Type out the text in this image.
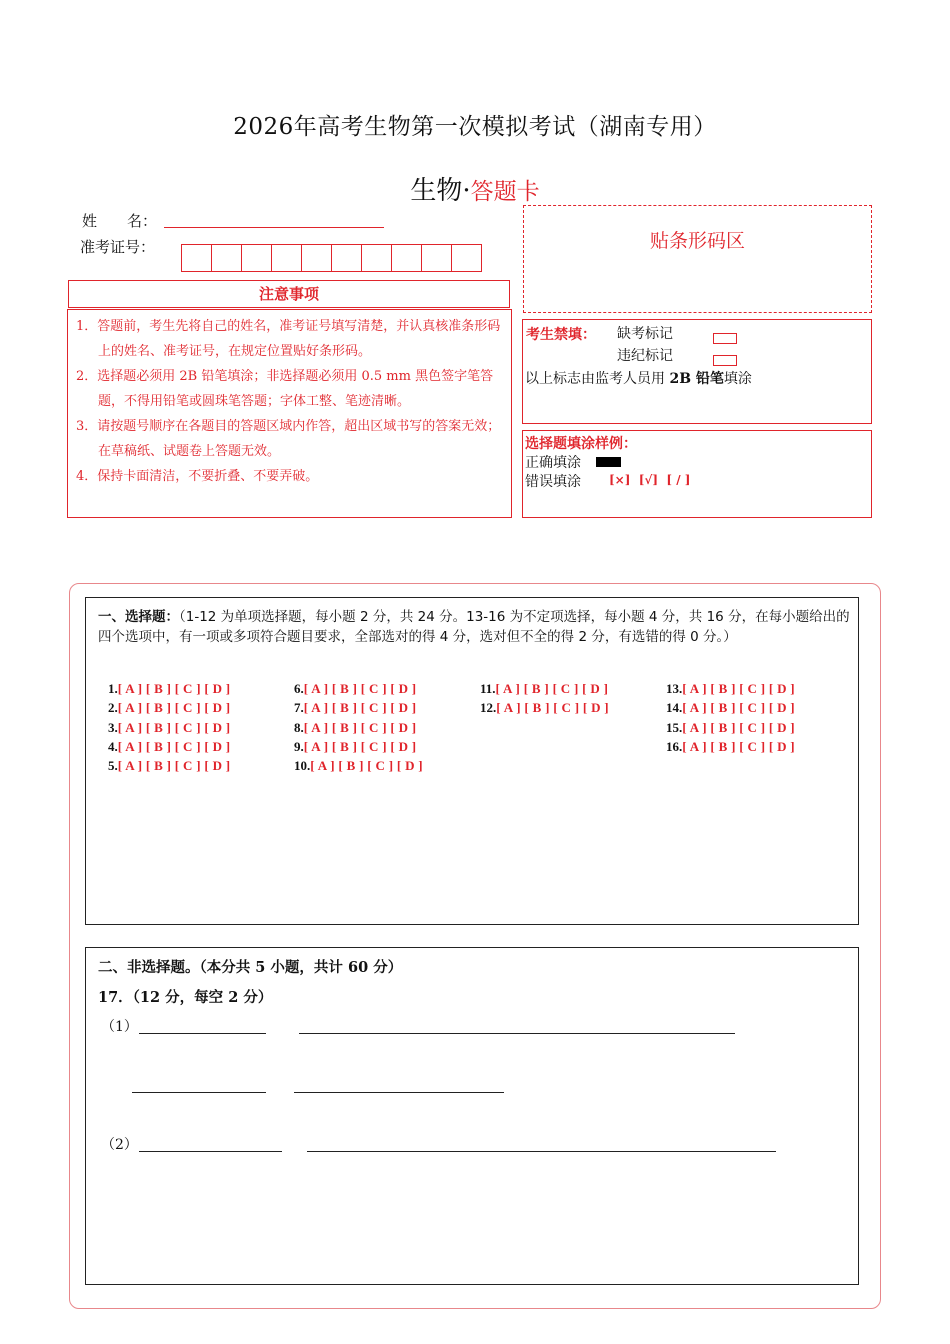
2026年高考生物第一次模拟考试（湖南专用）
生物·答题卡
姓　　名：
准考证号：
注意事项
1．答题前，考生先将自己的姓名，准考证号填写清楚，并认真核准条形码上的姓名、准考证号，在规定位置贴好条形码。
2．选择题必须用 2B 铅笔填涂；非选择题必须用 0.5 mm 黑色签字笔答题，不得用铅笔或圆珠笔答题；字体工整、笔迹清晰。
3．请按题号顺序在各题目的答题区域内作答，超出区域书写的答案无效；在草稿纸、试题卷上答题无效。
4．保持卡面清洁，不要折叠、不要弄破。
贴条形码区
考生禁填： 缺考标记
违纪标记
以上标志由监考人员用 2B 铅笔填涂
选择题填涂样例：
正确填涂
错误填涂 [×]  [√]  [ / ]
一、选择题：（1-12 为单项选择题，每小题 2 分，共 24 分。13-16 为不定项选择，每小题 4 分，共 16 分，在每小题给出的四个选项中，有一项或多项符合题目要求，全部选对的得 4 分，选对但不全的得 2 分，有选错的得 0 分。）
1.[ A ] [ B ] [ C ] [ D ]
2.[ A ] [ B ] [ C ] [ D ]
3.[ A ] [ B ] [ C ] [ D ]
4.[ A ] [ B ] [ C ] [ D ]
5.[ A ] [ B ] [ C ] [ D ]
6.[ A ] [ B ] [ C ] [ D ]
7.[ A ] [ B ] [ C ] [ D ]
8.[ A ] [ B ] [ C ] [ D ]
9.[ A ] [ B ] [ C ] [ D ]
10.[ A ] [ B ] [ C ] [ D ]
11.[ A ] [ B ] [ C ] [ D ]
12.[ A ] [ B ] [ C ] [ D ]
13.[ A ] [ B ] [ C ] [ D ]
14.[ A ] [ B ] [ C ] [ D ]
15.[ A ] [ B ] [ C ] [ D ]
16.[ A ] [ B ] [ C ] [ D ]
二、非选择题。（本分共 5 小题，共计 60 分）
17．（12 分，每空 2 分）
（1）
（2）
